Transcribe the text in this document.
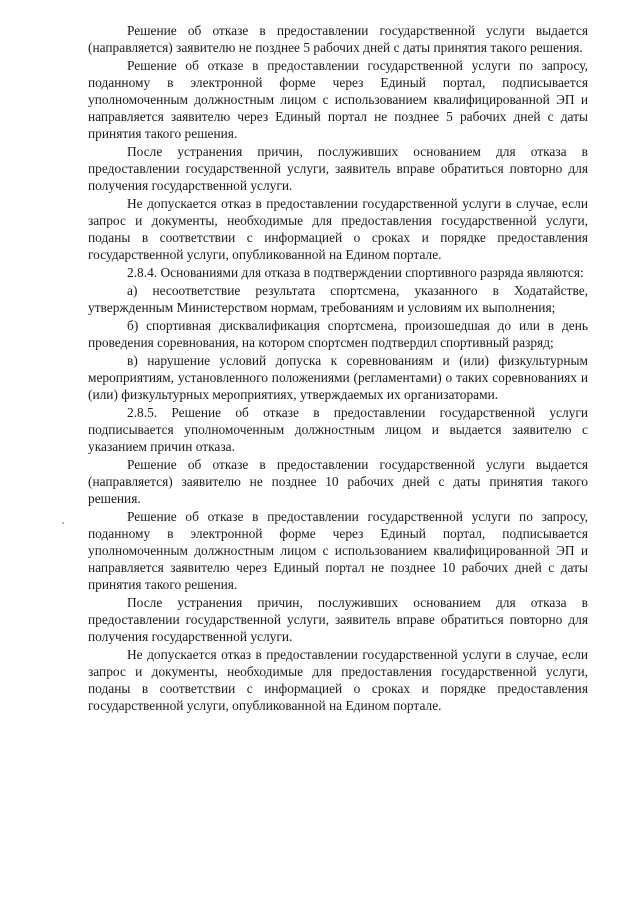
Решение об отказе в предоставлении государственной услуги выдается (направляется) заявителю не позднее 5 рабочих дней с даты принятия такого решения.

Решение об отказе в предоставлении государственной услуги по запросу, поданному в электронной форме через Единый портал, подписывается уполномоченным должностным лицом с использованием квалифицированной ЭП и направляется заявителю через Единый портал не позднее 5 рабочих дней с даты принятия такого решения.

После устранения причин, послуживших основанием для отказа в предоставлении государственной услуги, заявитель вправе обратиться повторно для получения государственной услуги.

Не допускается отказ в предоставлении государственной услуги в случае, если запрос и документы, необходимые для предоставления государственной услуги, поданы в соответствии с информацией о сроках и порядке предоставления государственной услуги, опубликованной на Едином портале.

2.8.4. Основаниями для отказа в подтверждении спортивного разряда являются:

а) несоответствие результата спортсмена, указанного в Ходатайстве, утвержденным Министерством нормам, требованиям и условиям их выполнения;

б) спортивная дисквалификация спортсмена, произошедшая до или в день проведения соревнования, на котором спортсмен подтвердил спортивный разряд;

в) нарушение условий допуска к соревнованиям и (или) физкультурным мероприятиям, установленного положениями (регламентами) о таких соревнованиях и (или) физкультурных мероприятиях, утверждаемых их организаторами.

2.8.5. Решение об отказе в предоставлении государственной услуги подписывается уполномоченным должностным лицом и выдается заявителю с указанием причин отказа.

Решение об отказе в предоставлении государственной услуги выдается (направляется) заявителю не позднее 10 рабочих дней с даты принятия такого решения.

Решение об отказе в предоставлении государственной услуги по запросу, поданному в электронной форме через Единый портал, подписывается уполномоченным должностным лицом с использованием квалифицированной ЭП и направляется заявителю через Единый портал не позднее 10 рабочих дней с даты принятия такого решения.

После устранения причин, послуживших основанием для отказа в предоставлении государственной услуги, заявитель вправе обратиться повторно для получения государственной услуги.

Не допускается отказ в предоставлении государственной услуги в случае, если запрос и документы, необходимые для предоставления государственной услуги, поданы в соответствии с информацией о сроках и порядке предоставления государственной услуги, опубликованной на Едином портале.
